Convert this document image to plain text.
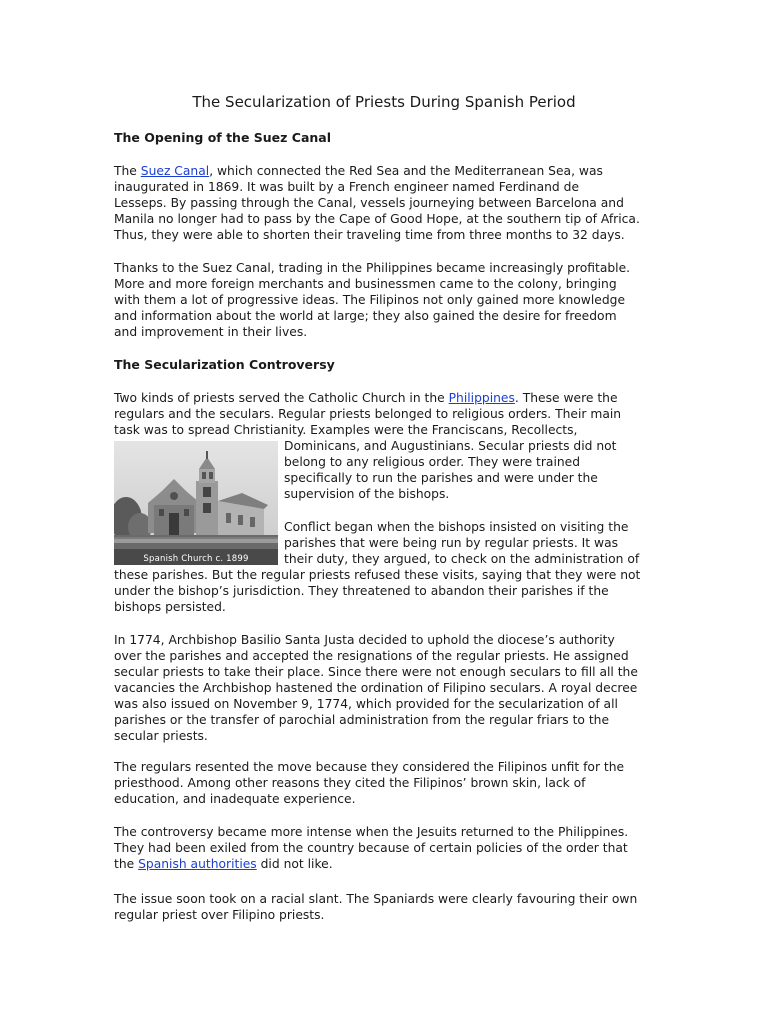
The Secularization of Priests During Spanish Period
The Opening of the Suez Canal
The Suez Canal, which connected the Red Sea and the Mediterranean Sea, was
inaugurated in 1869. It was built by a French engineer named Ferdinand de
Lesseps. By passing through the Canal, vessels journeying between Barcelona and
Manila no longer had to pass by the Cape of Good Hope, at the southern tip of Africa.
Thus, they were able to shorten their traveling time from three months to 32 days.
Thanks to the Suez Canal, trading in the Philippines became increasingly profitable.
More and more foreign merchants and businessmen came to the colony, bringing
with them a lot of progressive ideas. The Filipinos not only gained more knowledge
and information about the world at large; they also gained the desire for freedom
and improvement in their lives.
The Secularization Controversy
Two kinds of priests served the Catholic Church in the Philippines. These were the
regulars and the seculars. Regular priests belonged to religious orders. Their main
task was to spread Christianity. Examples were the Franciscans, Recollects,
Dominicans, and Augustinians. Secular priests did not
belong to any religious order. They were trained
specifically to run the parishes and were under the
supervision of the bishops.
Spanish Church c. 1899
Conflict began when the bishops insisted on visiting the
parishes that were being run by regular priests. It was
their duty, they argued, to check on the administration of
these parishes. But the regular priests refused these visits, saying that they were not
under the bishop’s jurisdiction. They threatened to abandon their parishes if the
bishops persisted.
In 1774, Archbishop Basilio Santa Justa decided to uphold the diocese’s authority
over the parishes and accepted the resignations of the regular priests. He assigned
secular priests to take their place. Since there were not enough seculars to fill all the
vacancies the Archbishop hastened the ordination of Filipino seculars. A royal decree
was also issued on November 9, 1774, which provided for the secularization of all
parishes or the transfer of parochial administration from the regular friars to the
secular priests.
The regulars resented the move because they considered the Filipinos unfit for the
priesthood. Among other reasons they cited the Filipinos’ brown skin, lack of
education, and inadequate experience.
The controversy became more intense when the Jesuits returned to the Philippines.
They had been exiled from the country because of certain policies of the order that
the Spanish authorities did not like.
The issue soon took on a racial slant. The Spaniards were clearly favouring their own
regular priest over Filipino priests.
